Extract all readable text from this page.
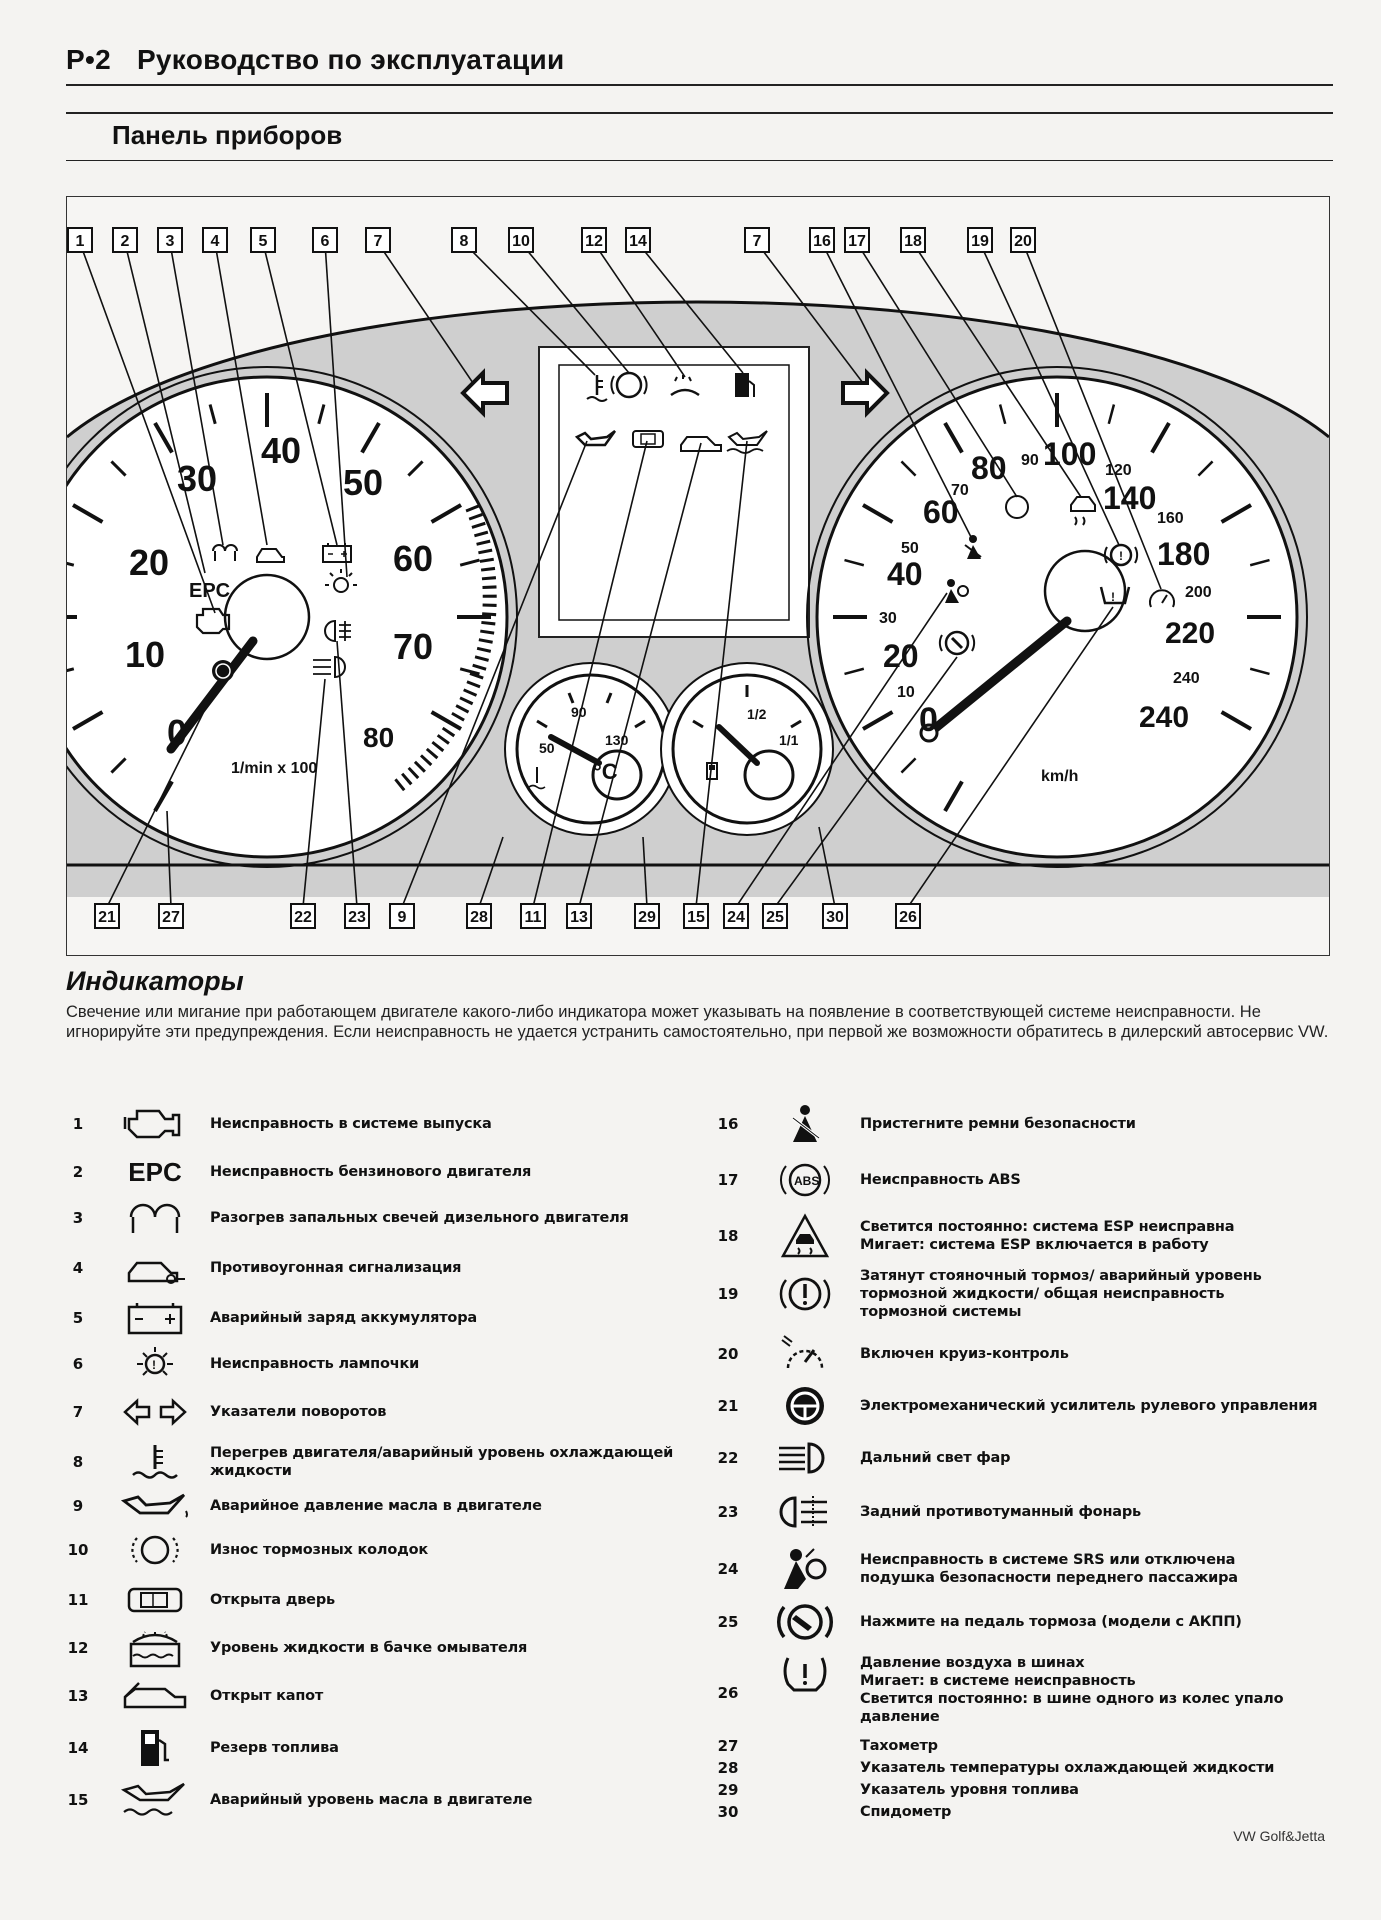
P•2 Руководство по эксплуатации
Панель приборов
0
10
20
30
40
50
60
70
80
1/min x 100
EPC
50
90
130
°C
1/2
1/1
0
20
40
60
80 100
140
180
220
240
10
30
50
70
90
120
160
200
240
km/h
!
!
1	2	3	4	5	6	7	8	10	12 14	7	16 17 18	19 20
21	27	22 23	9	28 11 13	29 15 24 25	30	26
Индикаторы
Свечение или мигание при работающем двигателе какого-либо индикатора может указывать на появление в соответствующей системе неисправности. Не игнорируйте эти предупреждения. Если неисправность не удается устранить самостоятельно, при первой же возможности обратитесь в дилерский автосервис VW.
1	Неисправность в системе выпуска
2	EPC	Неисправность бензинового двигателя
3	Разогрев запальных свечей дизельного двигателя
4	Противоугонная сигнализация
5	Аварийный заряд аккумулятора
6	!	Неисправность лампочки
7	Указатели поворотов
8	Перегрев двигателя/аварийный уровень охлаждающей жидкости
9	Аварийное давление масла в двигателе
10	Износ тормозных колодок
11	Открыта дверь
12	Уровень жидкости в бачке омывателя
13	Открыт капот
14	Резерв топлива
15	Аварийный уровень масла в двигателе
16	Пристегните ремни безопасности
17	ABS	Неисправность ABS
18	Светится постоянно: система ESP неисправна
Мигает: система ESP включается в работу
19
Затянут стояночный тормоз/ аварийный уровень тормозной жидкости/ общая неисправность тормозной системы
20	Включен круиз-контроль
21	Электромеханический усилитель рулевого управления
22	Дальний свет фар
23	Задний противотуманный фонарь
24	Неисправность в системе SRS или отключена подушка безопасности переднего пассажира
25	Нажмите на педаль тормоза (модели с АКПП)
26
Давление воздуха в шинах
Мигает: в системе неисправность
Светится постоянно: в шине одного из колес упало давление
27	Тахометр
28	Указатель температуры охлаждающей жидкости
29	Указатель уровня топлива
30	Спидометр
VW Golf&Jetta
